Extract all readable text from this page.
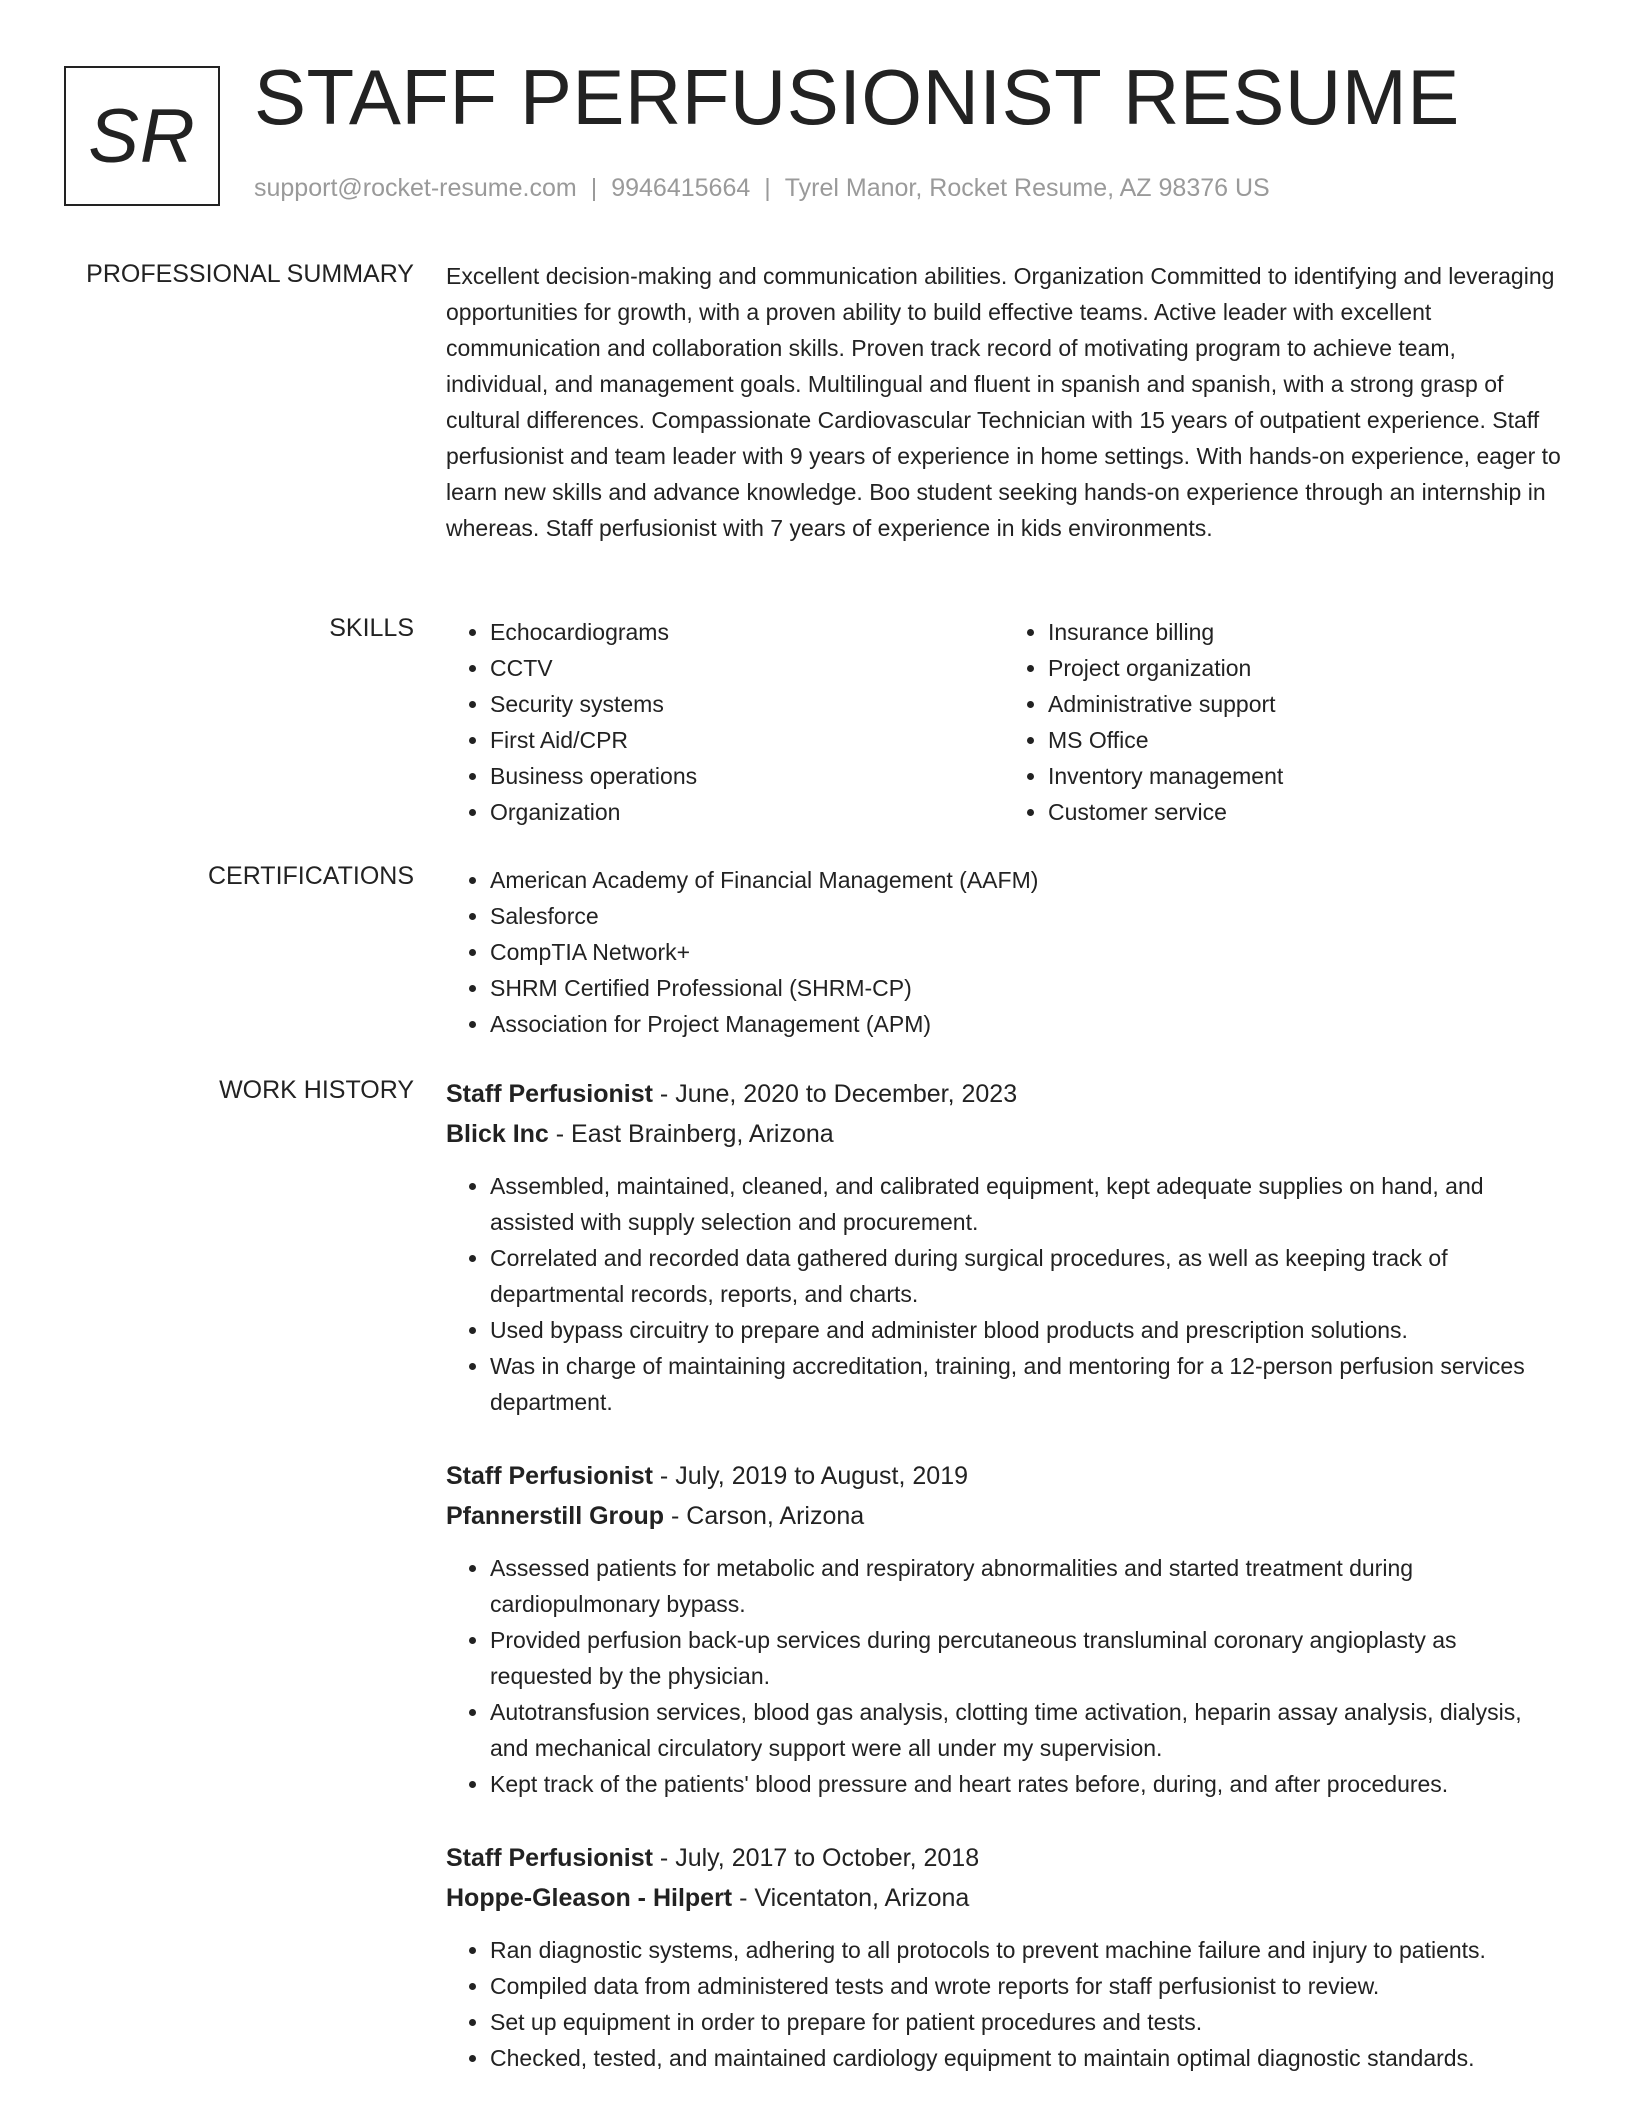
SR STAFF PERFUSIONIST RESUME
support@rocket-resume.com | 9946415664 | Tyrel Manor, Rocket Resume, AZ 98376 US
PROFESSIONAL SUMMARY Excellent decision-making and communication abilities. Organization Committed to identifying and leveraging opportunities for growth, with a proven ability to build effective teams. Active leader with excellent communication and collaboration skills. Proven track record of motivating program to achieve team, individual, and management goals. Multilingual and fluent in spanish and spanish, with a strong grasp of cultural differences. Compassionate Cardiovascular Technician with 15 years of outpatient experience. Staff perfusionist and team leader with 9 years of experience in home settings. With hands-on experience, eager to learn new skills and advance knowledge. Boo student seeking hands-on experience through an internship in whereas. Staff perfusionist with 7 years of experience in kids environments.

SKILLS	• Echocardiograms
• CCTV
• Security systems
• First Aid/CPR
• Business operations
• Organization
• Insurance billing
• Project organization
• Administrative support
• MS Office
• Inventory management
• Customer service
CERTIFICATIONS	• American Academy of Financial Management (AAFM)
• Salesforce
• CompTIA Network+
• SHRM Certified Professional (SHRM-CP)
• Association for Project Management (APM)
WORK HISTORY Staff Perfusionist - June, 2020 to December, 2023
Blick Inc - East Brainberg, Arizona
• Assembled, maintained, cleaned, and calibrated equipment, kept adequate supplies on hand, and assisted with supply selection and procurement.
• Correlated and recorded data gathered during surgical procedures, as well as keeping track of departmental records, reports, and charts.
• Used bypass circuitry to prepare and administer blood products and prescription solutions.
• Was in charge of maintaining accreditation, training, and mentoring for a 12-person perfusion services department.
Staff Perfusionist - July, 2019 to August, 2019
Pfannerstill Group - Carson, Arizona
• Assessed patients for metabolic and respiratory abnormalities and started treatment during cardiopulmonary bypass.
• Provided perfusion back-up services during percutaneous transluminal coronary angioplasty as requested by the physician.
• Autotransfusion services, blood gas analysis, clotting time activation, heparin assay analysis, dialysis, and mechanical circulatory support were all under my supervision.
• Kept track of the patients' blood pressure and heart rates before, during, and after procedures.
Staff Perfusionist - July, 2017 to October, 2018
Hoppe-Gleason - Hilpert - Vicentaton, Arizona
• Ran diagnostic systems, adhering to all protocols to prevent machine failure and injury to patients.
• Compiled data from administered tests and wrote reports for staff perfusionist to review.
• Set up equipment in order to prepare for patient procedures and tests.
• Checked, tested, and maintained cardiology equipment to maintain optimal diagnostic standards.
